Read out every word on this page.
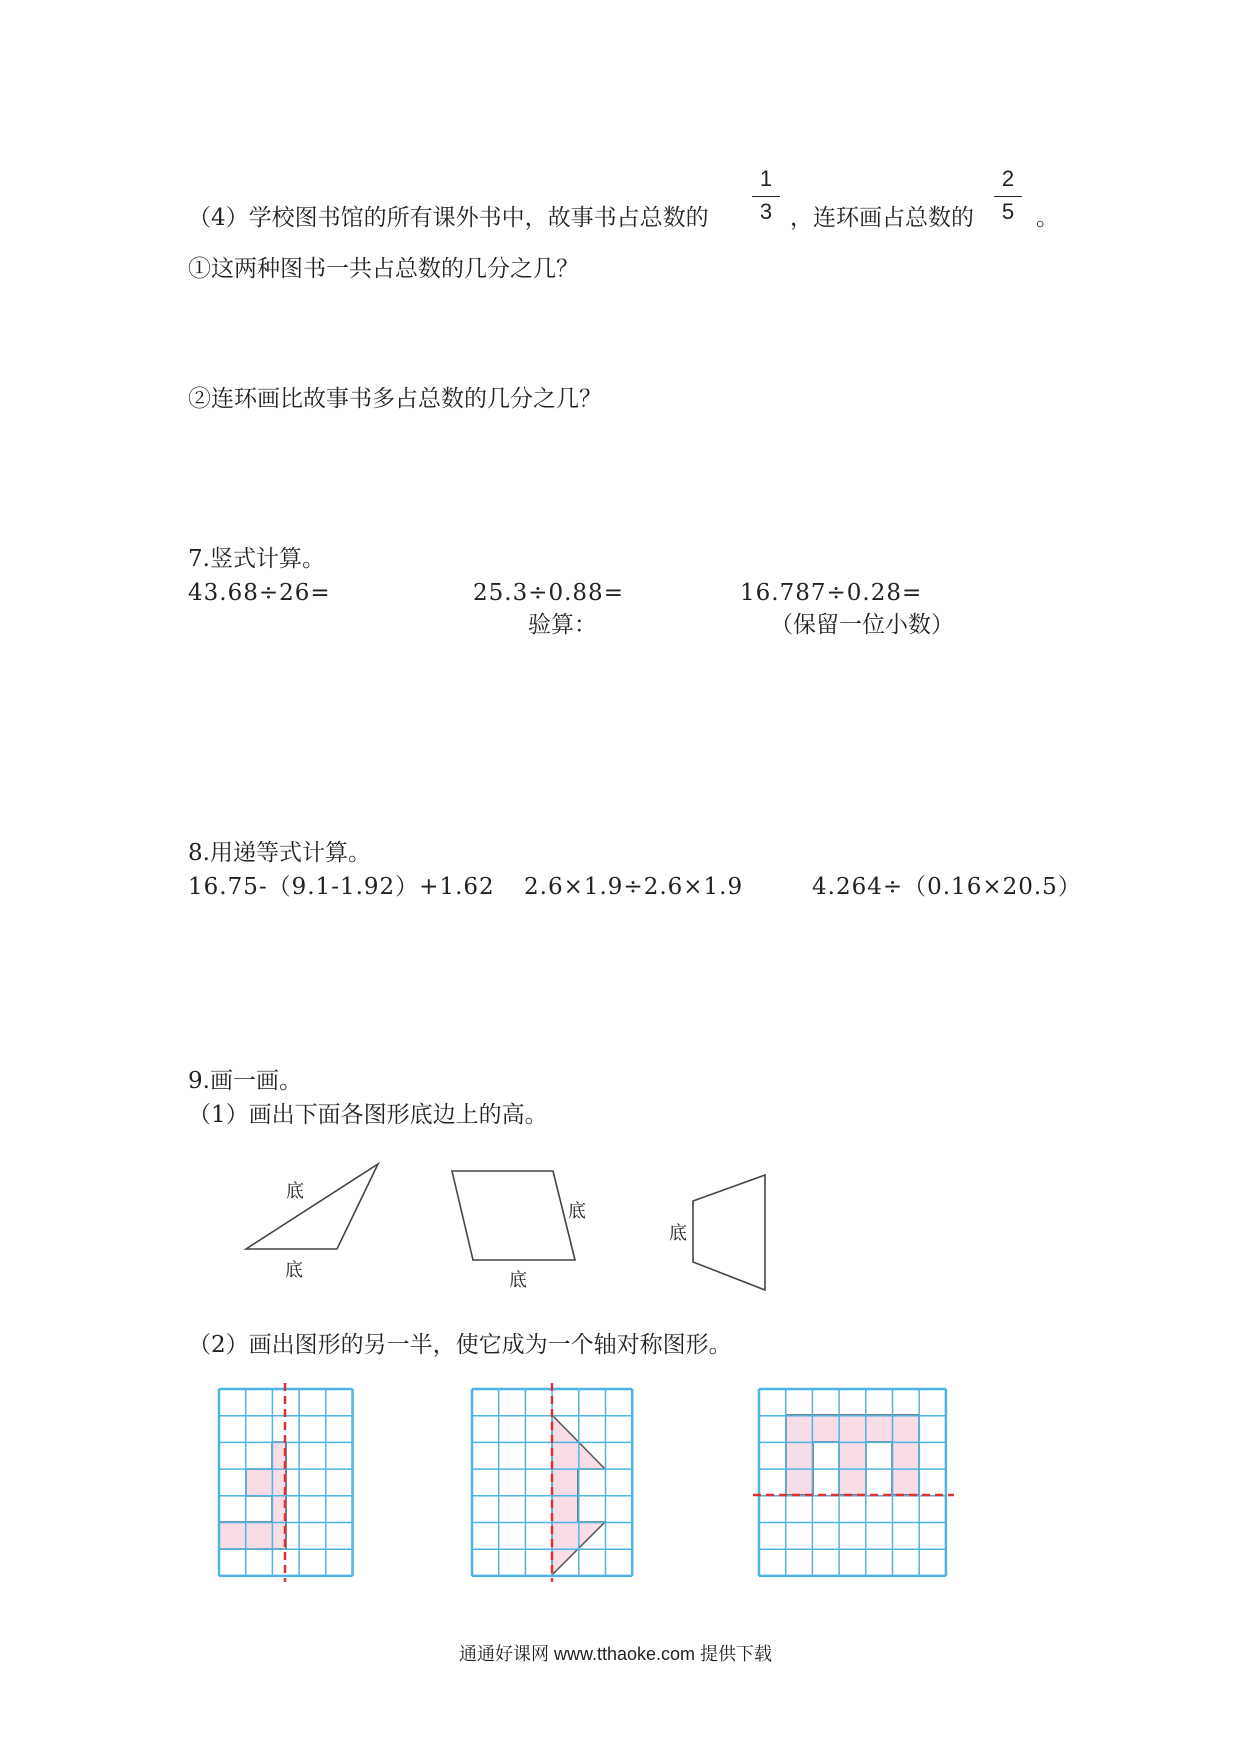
（4）学校图书馆的所有课外书中，故事书占总数的
1
3 ，连环画占总数的
2
5 。
①这两种图书一共占总数的几分之几？
②连环画比故事书多占总数的几分之几？
7.竖式计算。
43.68÷26=	25.3÷0.88=
验算：
16.787÷0.28=
（保留一位小数）
8.用递等式计算。
16.75-（9.1-1.92）+1.62 2.6×1.9÷2.6×1.9	4.264÷（0.16×20.5）
9.画一画。
（1）画出下面各图形底边上的高。
底
底
底
底
底
（2）画出图形的另一半，使它成为一个轴对称图形。
通通好课网 www.tthaoke.com 提供下载
